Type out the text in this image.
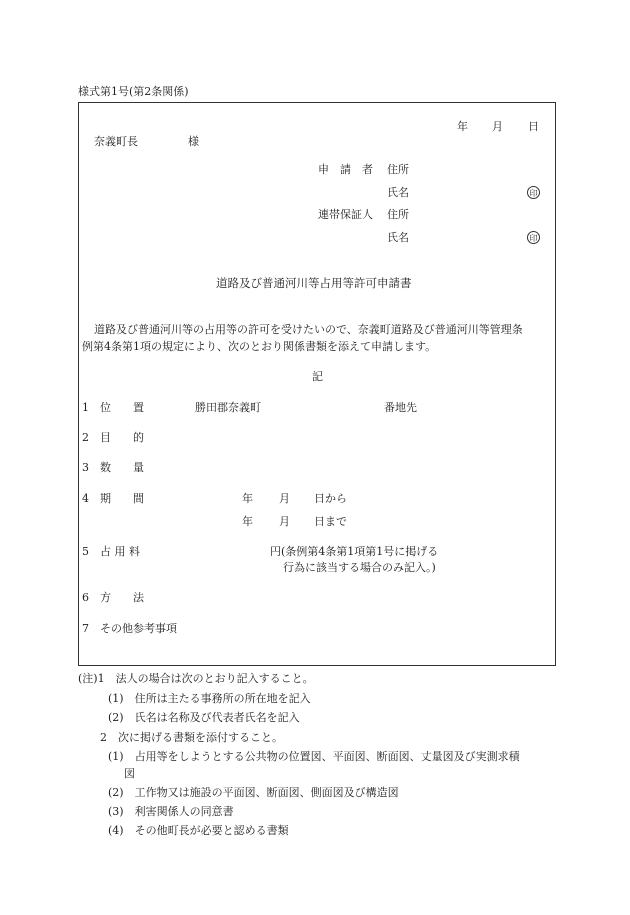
様式第1号(第2条関係)
年 月 日
奈義町長	様
申　請　者 住所
氏名	印
連帯保証人 住所
氏名	印
道路及び普通河川等占用等許可申請書
道路及び普通河川等の占用等の許可を受けたいので、奈義町道路及び普通河川等管理条
例第4条第1項の規定により、次のとおり関係書類を添えて申請します。
記
1 位　　置	勝田郡奈義町	番地先
2 目　　的
3 数　　量
4 期　　間	年 月 日から
年 月 日まで
5 占 用 料	円(条例第4条第1項第1号に掲げる
行為に該当する場合のみ記入。)
6 方　　法
7 その他参考事項
(注)1　法人の場合は次のとおり記入すること。
(1)　住所は主たる事務所の所在地を記入
(2)　氏名は名称及び代表者氏名を記入
2　次に掲げる書類を添付すること。
(1)　占用等をしようとする公共物の位置図、平面図、断面図、丈量図及び実測求積
図
(2)　工作物又は施設の平面図、断面図、側面図及び構造図
(3)　利害関係人の同意書
(4)　その他町長が必要と認める書類
